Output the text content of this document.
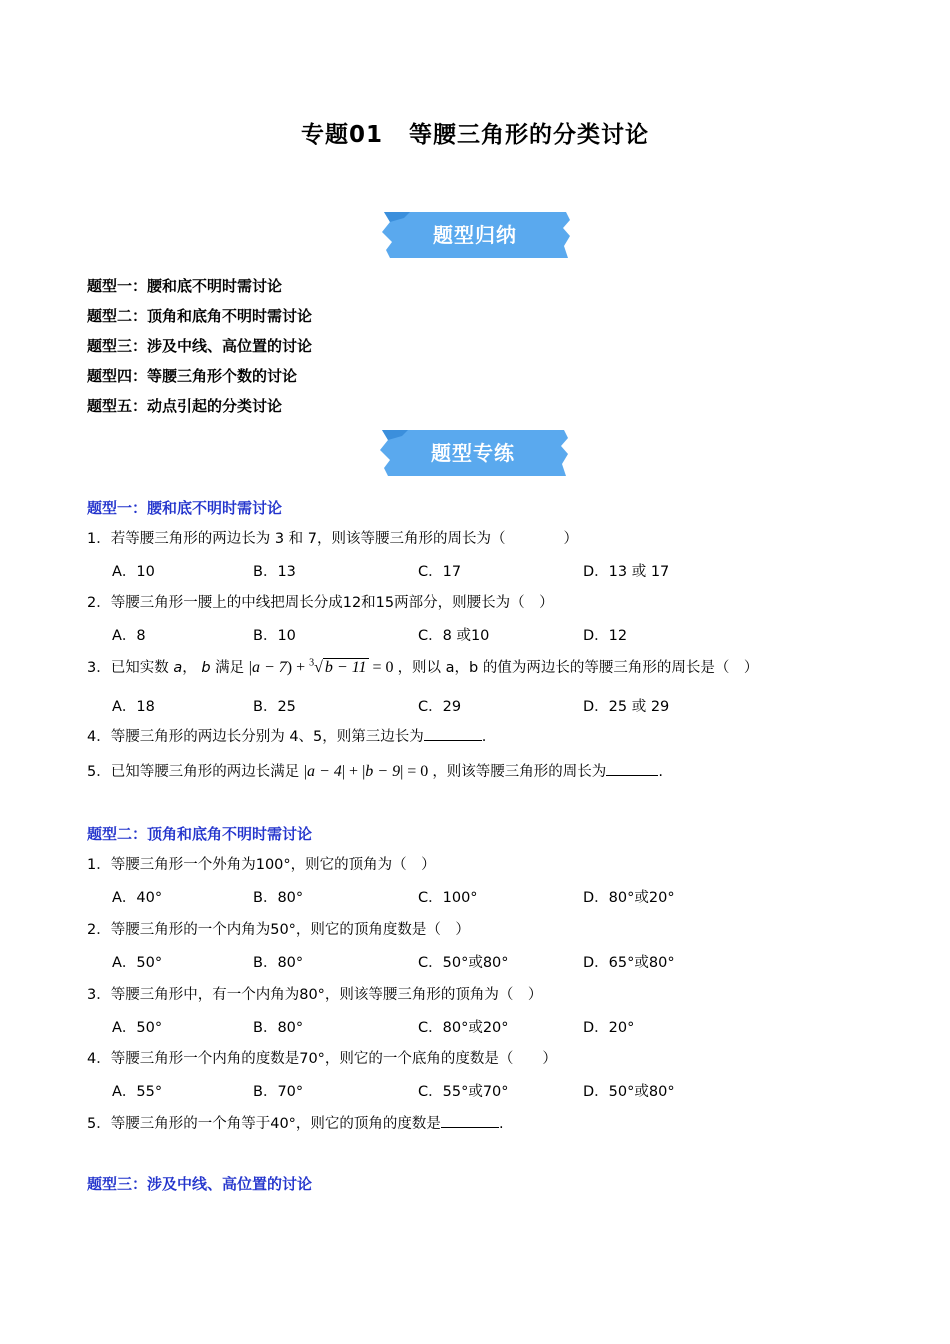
专题01 等腰三角形的分类讨论
题型归纳
题型一：腰和底不明时需讨论
题型二：顶角和底角不明时需讨论
题型三：涉及中线、高位置的讨论
题型四：等腰三角形个数的讨论
题型五：动点引起的分类讨论
题型专练
题型一：腰和底不明时需讨论
1．若等腰三角形的两边长为 3 和 7，则该等腰三角形的周长为（　　　　）
A．10	B．13	C．17	D．13 或 17
2．等腰三角形一腰上的中线把周长分成12和15两部分，则腰长为（　）
A．8	B．10	C．8 或10	D．12
3．已知实数 a， b 满足 |a − 7) + $^3$√ b − 11 = 0 ，则以 a，b 的值为两边长的等腰三角形的周长是（　）
A．18	B．25	C．29	D．25 或 29
4．等腰三角形的两边长分别为 4、5，则第三边长为	.
5．已知等腰三角形的两边长满足 |a − 4| + |b − 9| = 0 ，则该等腰三角形的周长为	.
题型二：顶角和底角不明时需讨论
1．等腰三角形一个外角为100°，则它的顶角为（　）
A．40°	B．80°	C．100°	D．80°或20°
2．等腰三角形的一个内角为50°，则它的顶角度数是（　）
A．50°	B．80°	C．50°或80°	D．65°或80°
3．等腰三角形中，有一个内角为80°，则该等腰三角形的顶角为（　）
A．50°	B．80°	C．80°或20°	D．20°
4．等腰三角形一个内角的度数是70°，则它的一个底角的度数是（　　）
A．55°	B．70°	C．55°或70°	D．50°或80°
5．等腰三角形的一个角等于40°，则它的顶角的度数是	.
题型三：涉及中线、高位置的讨论
